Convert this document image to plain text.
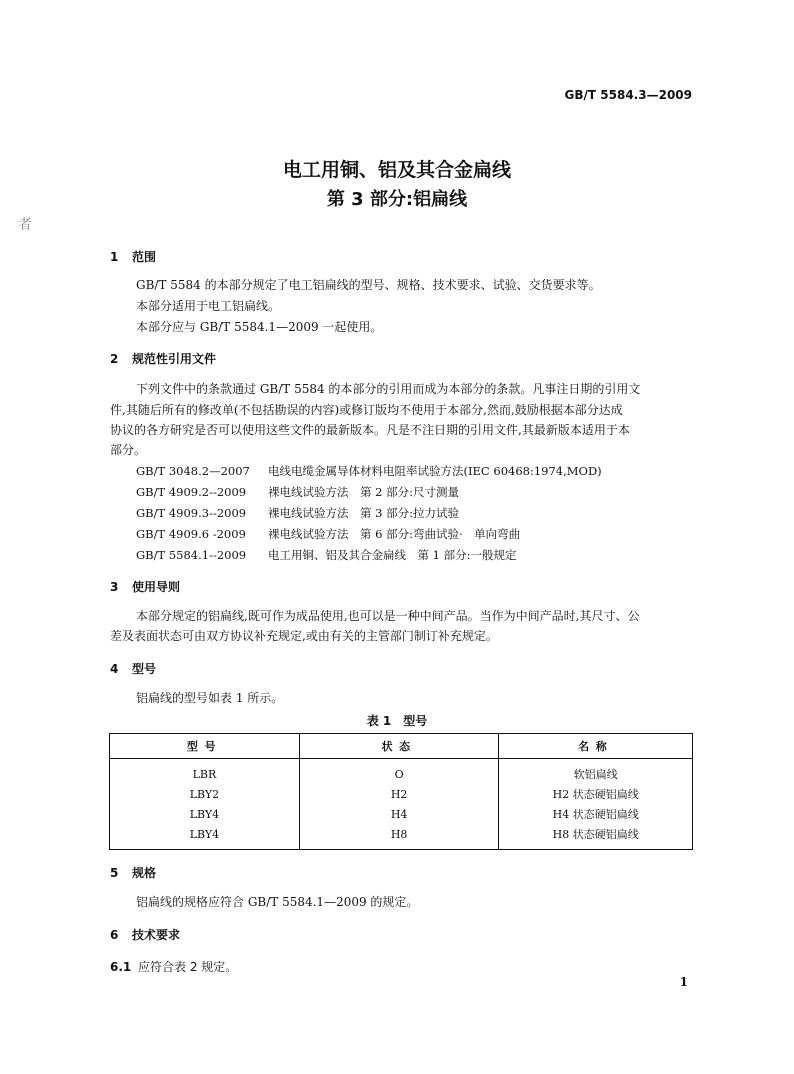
GB/T 5584.3—2009
电工用铜、铝及其合金扁线
第 3 部分:铝扁线
者
1 范围
GB/T 5584 的本部分规定了电工铝扁线的型号、规格、技术要求、试验、交货要求等。
本部分适用于电工铝扁线。
本部分应与 GB/T 5584.1—2009 一起使用。
2 规范性引用文件
下列文件中的条款通过 GB/T 5584 的本部分的引用而成为本部分的条款。凡事注日期的引用文
件,其随后所有的修改单(不包括勘误的内容)或修订版均不使用于本部分,然而,鼓励根据本部分达成
协议的各方研究是否可以使用这些文件的最新版本。凡是不注日期的引用文件,其最新版本适用于本
部分。
GB/T 3048.2—2007 电线电缆金属导体材料电阻率试验方法(IEC 60468:1974,MOD)
GB/T 4909.2--2009 裸电线试验方法　第 2 部分:尺寸测量
GB/T 4909.3--2009 裸电线试验方法　第 3 部分:拉力试验
GB/T 4909.6 -2009 裸电线试验方法　第 6 部分:弯曲试验·　单向弯曲
GB/T 5584.1--2009 电工用铜、铝及其合金扁线　第 1 部分:一般规定
3 使用导则
本部分规定的铝扁线,既可作为成品使用,也可以是一种中间产品。当作为中间产品时,其尺寸、公
差及表面状态可由双方协议补充规定,或由有关的主管部门制订补充规定。
4 型号
铝扁线的型号如表 1 所示。
表 1　型号
型号	状态	名称
LBR	O	软铝扁线
LBY2	H2	H2 状态硬铝扁线
LBY4	H4	H4 状态硬铝扁线
LBY4	H8	H8 状态硬铝扁线
5 规格
铝扁线的规格应符合 GB/T 5584.1—2009 的规定。
6 技术要求
6.1 应符合表 2 规定。
1
